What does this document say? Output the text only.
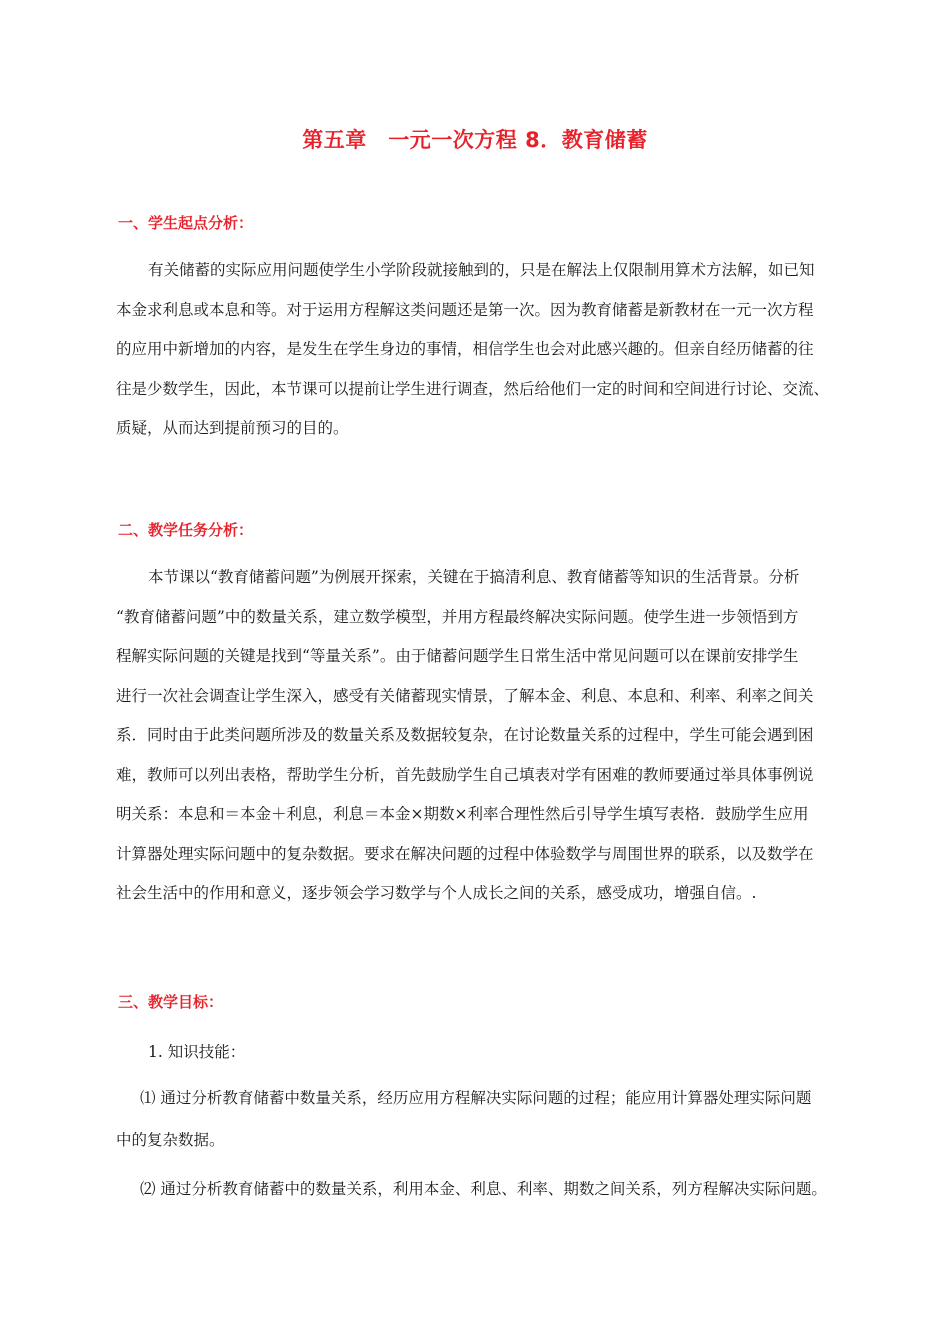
第五章　一元一次方程 8．教育储蓄
一、学生起点分析：
有关储蓄的实际应用问题使学生小学阶段就接触到的，只是在解法上仅限制用算术方法解，如已知
本金求利息或本息和等。对于运用方程解这类问题还是第一次。因为教育储蓄是新教材在一元一次方程
的应用中新增加的内容，是发生在学生身边的事情，相信学生也会对此感兴趣的。但亲自经历储蓄的往
往是少数学生，因此，本节课可以提前让学生进行调查，然后给他们一定的时间和空间进行讨论、交流、
质疑，从而达到提前预习的目的。
二、教学任务分析：
本节课以“教育储蓄问题”为例展开探索，关键在于搞清利息、教育储蓄等知识的生活背景。分析
“教育储蓄问题”中的数量关系，建立数学模型，并用方程最终解决实际问题。使学生进一步领悟到方
程解实际问题的关键是找到“等量关系”。由于储蓄问题学生日常生活中常见问题可以在课前安排学生
进行一次社会调查让学生深入，感受有关储蓄现实情景，了解本金、利息、本息和、利率、利率之间关
系．同时由于此类问题所涉及的数量关系及数据较复杂，在讨论数量关系的过程中，学生可能会遇到困
难，教师可以列出表格，帮助学生分析，首先鼓励学生自己填表对学有困难的教师要通过举具体事例说
明关系：本息和＝本金＋利息，利息＝本金×期数×利率合理性然后引导学生填写表格．鼓励学生应用
计算器处理实际问题中的复杂数据。要求在解决问题的过程中体验数学与周围世界的联系，以及数学在
社会生活中的作用和意义，逐步领会学习数学与个人成长之间的关系，感受成功，增强自信。.
三、教学目标：
1. 知识技能：
⑴ 通过分析教育储蓄中数量关系，经历应用方程解决实际问题的过程；能应用计算器处理实际问题
中的复杂数据。
⑵ 通过分析教育储蓄中的数量关系，利用本金、利息、利率、期数之间关系，列方程解决实际问题。
